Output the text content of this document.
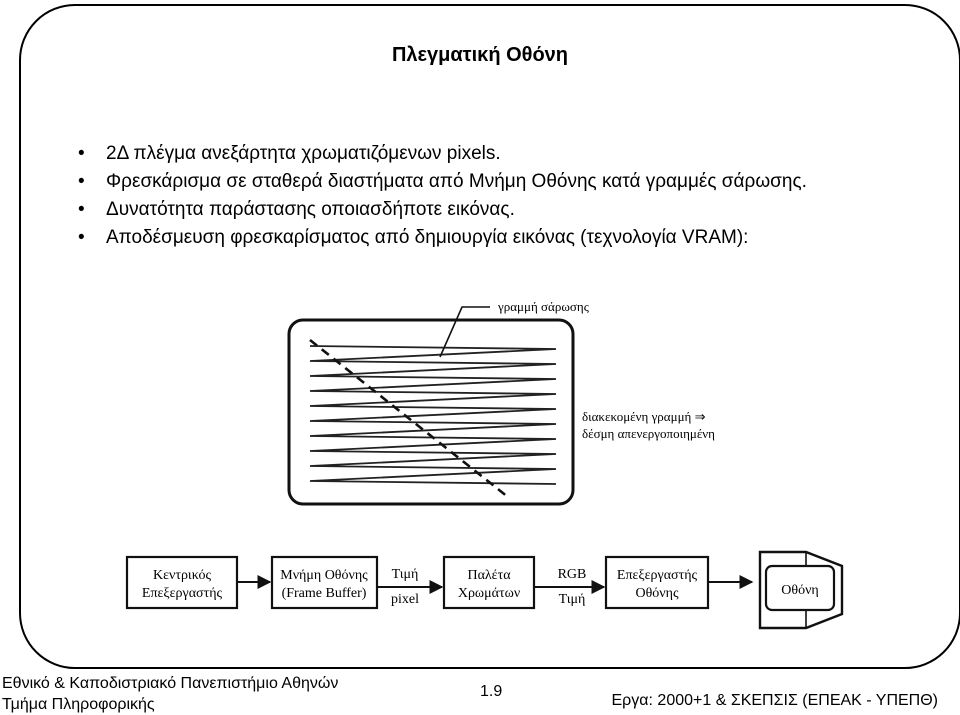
Πλεγματική Οθόνη
• 2Δ πλέγμα ανεξάρτητα χρωματιζόμενων pixels.
• Φρεσκάρισμα σε σταθερά διαστήματα από Μνήμη Οθόνης κατά γραμμές σάρωσης.
• Δυνατότητα παράστασης οποιασδήποτε εικόνας.
• Αποδέσμευση φρεσκαρίσματος από δημιουργία εικόνας (τεχνολογία VRAM):
γραμμή σάρωσης
διακεκομένη γραμμή ⇒
δέσμη απενεργοποιημένη
Κεντρικός
Επεξεργαστής
Μνήμη Οθόνης
(Frame Buffer)
Τιμή
pixel
Παλέτα
Χρωμάτων
RGB
Τιμή
Επεξεργαστής
Οθόνης	Οθόνη
Εθνικό & Καποδιστριακό Πανεπιστήμιο Αθηνών
Τμήμα Πληροφορικής
1.9
Εργα: 2000+1 & ΣΚΕΠΣΙΣ (ΕΠΕΑΚ - ΥΠΕΠΘ)
